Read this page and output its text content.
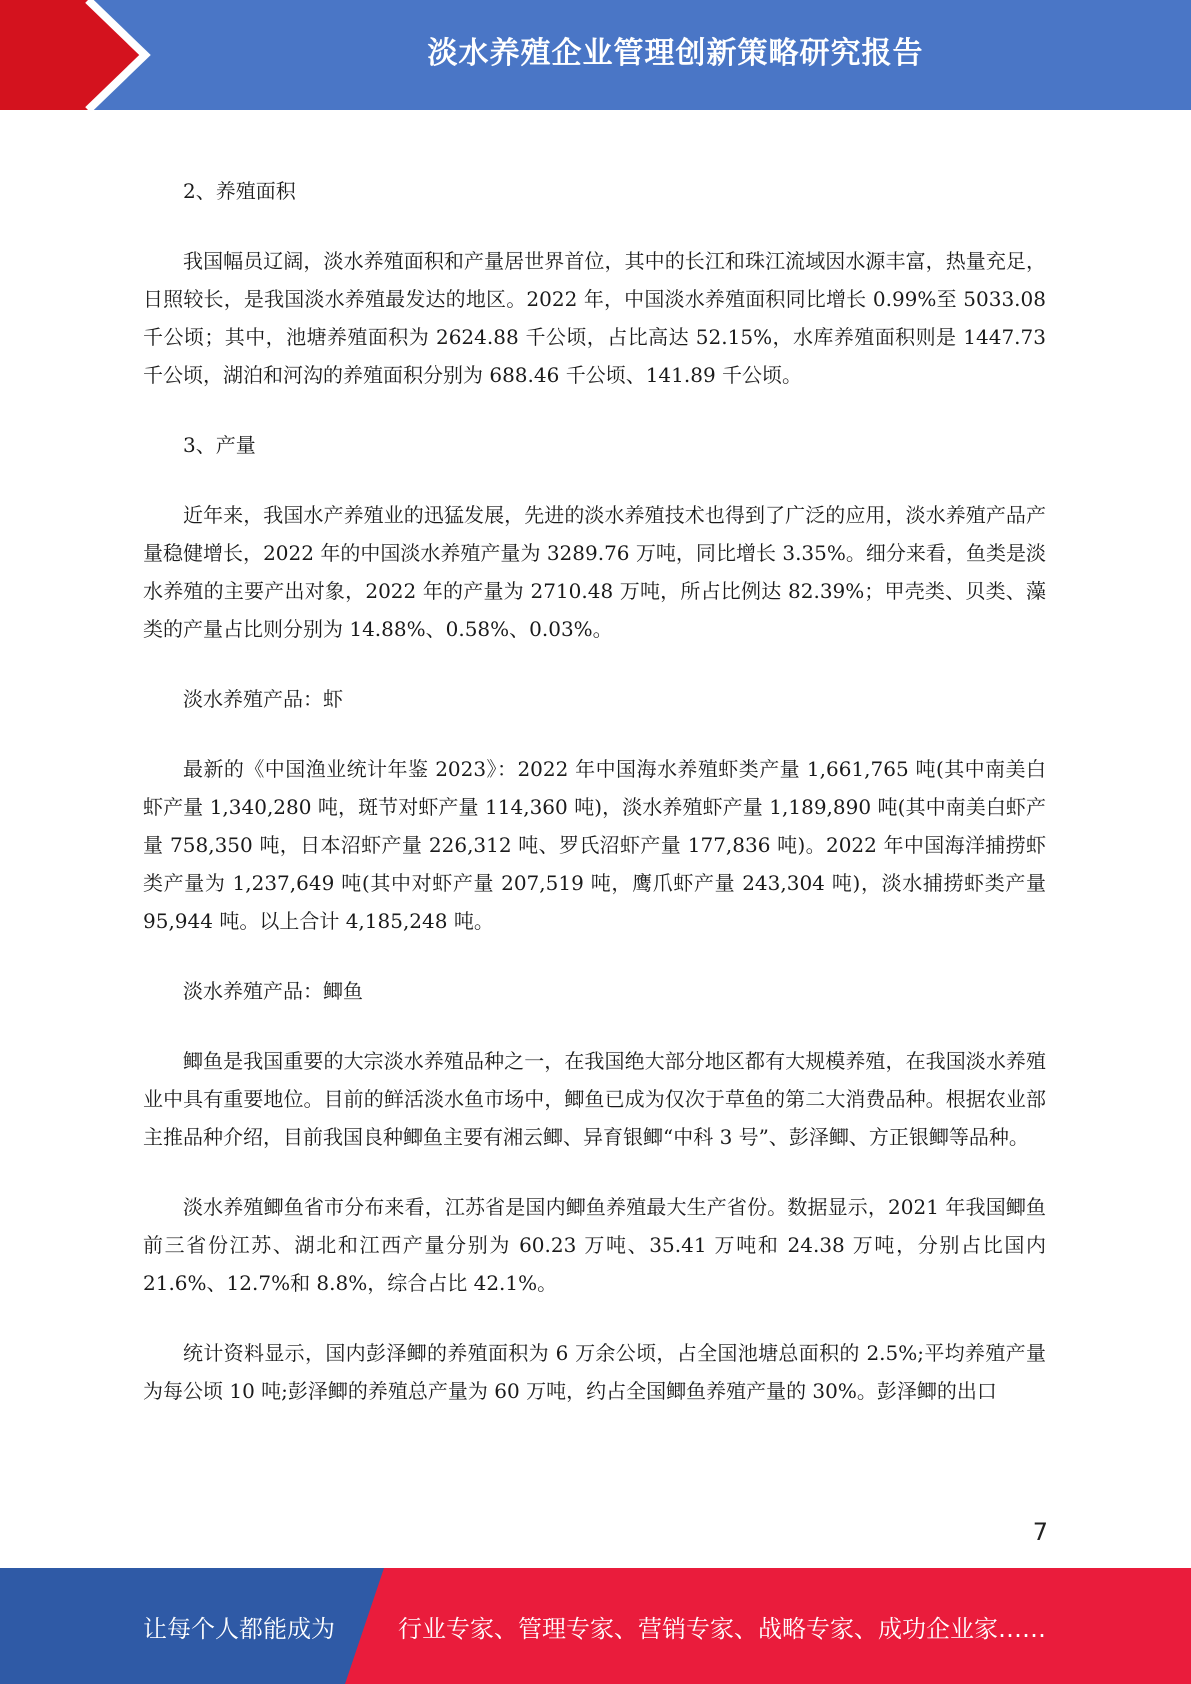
淡水养殖企业管理创新策略研究报告

2、养殖面积

我国幅员辽阔，淡水养殖面积和产量居世界首位，其中的长江和珠江流域因水源丰富，热量充足，日照较长，是我国淡水养殖最发达的地区。2022 年，中国淡水养殖面积同比增长 0.99%至 5033.08 千公顷；其中，池塘养殖面积为 2624.88 千公顷，占比高达 52.15%，水库养殖面积则是 1447.73 千公顷，湖泊和河沟的养殖面积分别为 688.46 千公顷、141.89 千公顷。

3、产量

近年来，我国水产养殖业的迅猛发展，先进的淡水养殖技术也得到了广泛的应用，淡水养殖产品产量稳健增长，2022 年的中国淡水养殖产量为 3289.76 万吨，同比增长 3.35%。细分来看，鱼类是淡水养殖的主要产出对象，2022 年的产量为 2710.48 万吨，所占比例达 82.39%；甲壳类、贝类、藻类的产量占比则分别为 14.88%、0.58%、0.03%。

淡水养殖产品：虾

最新的《中国渔业统计年鉴 2023》：2022 年中国海水养殖虾类产量 1,661,765 吨(其中南美白虾产量 1,340,280 吨，斑节对虾产量 114,360 吨)，淡水养殖虾产量 1,189,890 吨(其中南美白虾产量 758,350 吨，日本沼虾产量 226,312 吨、罗氏沼虾产量 177,836 吨)。2022 年中国海洋捕捞虾类产量为 1,237,649 吨(其中对虾产量 207,519 吨，鹰爪虾产量 243,304 吨)，淡水捕捞虾类产量 95,944 吨。以上合计 4,185,248 吨。

淡水养殖产品：鲫鱼

鲫鱼是我国重要的大宗淡水养殖品种之一，在我国绝大部分地区都有大规模养殖，在我国淡水养殖业中具有重要地位。目前的鲜活淡水鱼市场中，鲫鱼已成为仅次于草鱼的第二大消费品种。根据农业部主推品种介绍，目前我国良种鲫鱼主要有湘云鲫、异育银鲫“中科 3 号”、彭泽鲫、方正银鲫等品种。

淡水养殖鲫鱼省市分布来看，江苏省是国内鲫鱼养殖最大生产省份。数据显示，2021 年我国鲫鱼前三省份江苏、湖北和江西产量分别为 60.23 万吨、35.41 万吨和 24.38 万吨，分别占比国内 21.6%、12.7%和 8.8%，综合占比 42.1%。

统计资料显示，国内彭泽鲫的养殖面积为 6 万余公顷，占全国池塘总面积的 2.5%;平均养殖产量为每公顷 10 吨;彭泽鲫的养殖总产量为 60 万吨，约占全国鲫鱼养殖产量的 30%。彭泽鲫的出口

7
让每个人都能成为	行业专家、管理专家、营销专家、战略专家、成功企业家……
